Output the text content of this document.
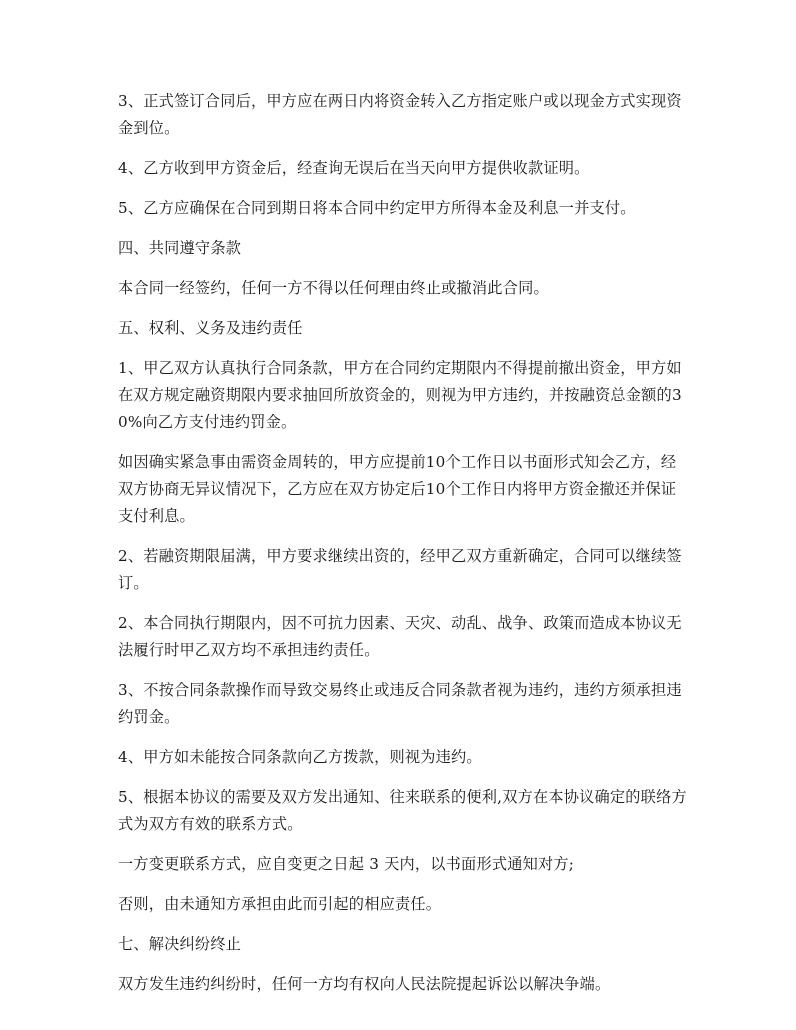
3、正式签订合同后，甲方应在两日内将资金转入乙方指定账户或以现金方式实现资金到位。

4、乙方收到甲方资金后，经查询无误后在当天向甲方提供收款证明。

5、乙方应确保在合同到期日将本合同中约定甲方所得本金及利息一并支付。

四、共同遵守条款

本合同一经签约，任何一方不得以任何理由终止或撤消此合同。

五、权利、义务及违约责任

1、甲乙双方认真执行合同条款，甲方在合同约定期限内不得提前撤出资金，甲方如在双方规定融资期限内要求抽回所放资金的，则视为甲方违约，并按融资总金额的30%向乙方支付违约罚金。

如因确实紧急事由需资金周转的，甲方应提前10个工作日以书面形式知会乙方，经双方协商无异议情况下，乙方应在双方协定后10个工作日内将甲方资金撤还并保证支付利息。

2、若融资期限届满，甲方要求继续出资的，经甲乙双方重新确定，合同可以继续签订。

2、本合同执行期限内，因不可抗力因素、天灾、动乱、战争、政策而造成本协议无法履行时甲乙双方均不承担违约责任。

3、不按合同条款操作而导致交易终止或违反合同条款者视为违约，违约方须承担违约罚金。

4、甲方如未能按合同条款向乙方拨款，则视为违约。

5、根据本协议的需要及双方发出通知、往来联系的便利,双方在本协议确定的联络方式为双方有效的联系方式。

一方变更联系方式，应自变更之日起 3 天内，以书面形式通知对方;

否则，由未通知方承担由此而引起的相应责任。

七、解决纠纷终止

双方发生违约纠纷时，任何一方均有权向人民法院提起诉讼以解决争端。
